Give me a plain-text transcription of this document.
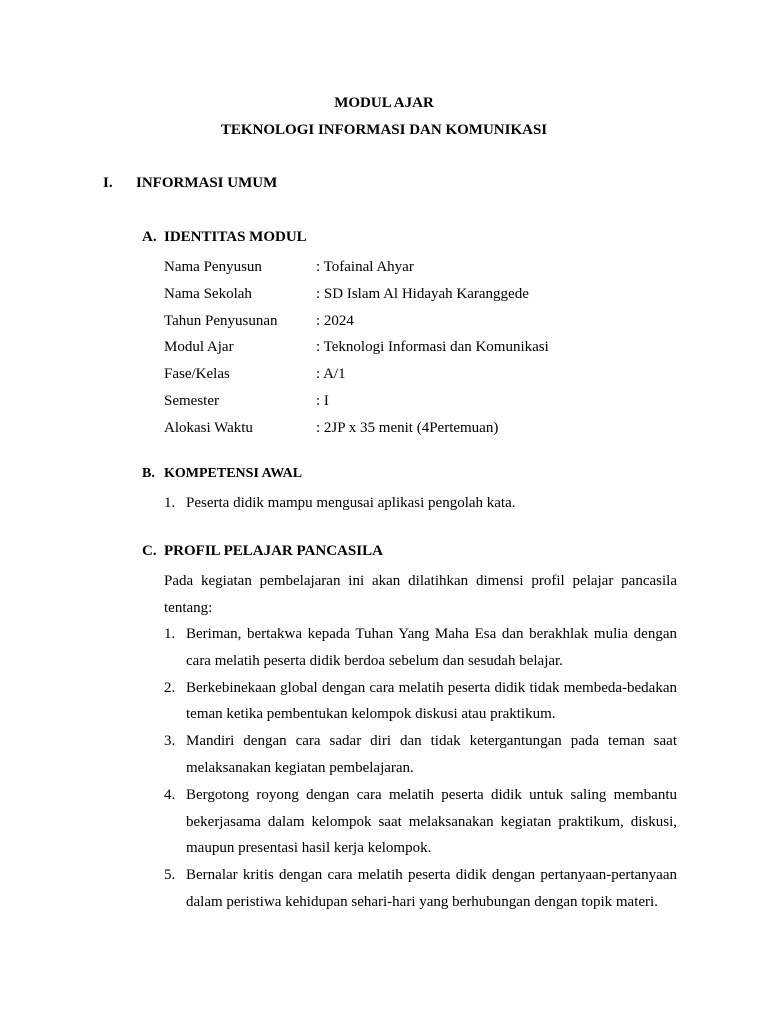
MODUL AJAR

TEKNOLOGI INFORMASI DAN KOMUNIKASI

I. INFORMASI UMUM

A. IDENTITAS MODUL

Nama Penyusun	: Tofainal Ahyar
Nama Sekolah	: SD Islam Al Hidayah Karanggede
Tahun Penyusunan	: 2024
Modul Ajar	: Teknologi Informasi dan Komunikasi
Fase/Kelas	: A/1
Semester	: I
Alokasi Waktu	: 2JP x 35 menit (4Pertemuan)

B. KOMPETENSI AWAL

1. Peserta didik mampu mengusai aplikasi pengolah kata.

C. PROFIL PELAJAR PANCASILA

Pada kegiatan pembelajaran ini akan dilatihkan dimensi profil pelajar pancasila tentang:

1. Beriman, bertakwa kepada Tuhan Yang Maha Esa dan berakhlak mulia dengan cara melatih peserta didik berdoa sebelum dan sesudah belajar.
2. Berkebinekaan global dengan cara melatih peserta didik tidak membeda-bedakan teman ketika pembentukan kelompok diskusi atau praktikum.
3. Mandiri dengan cara sadar diri dan tidak ketergantungan pada teman saat melaksanakan kegiatan pembelajaran.
4. Bergotong royong dengan cara melatih peserta didik untuk saling membantu bekerjasama dalam kelompok saat melaksanakan kegiatan praktikum, diskusi, maupun presentasi hasil kerja kelompok.
5. Bernalar kritis dengan cara melatih peserta didik dengan pertanyaan-pertanyaan dalam peristiwa kehidupan sehari-hari yang berhubungan dengan topik materi.
